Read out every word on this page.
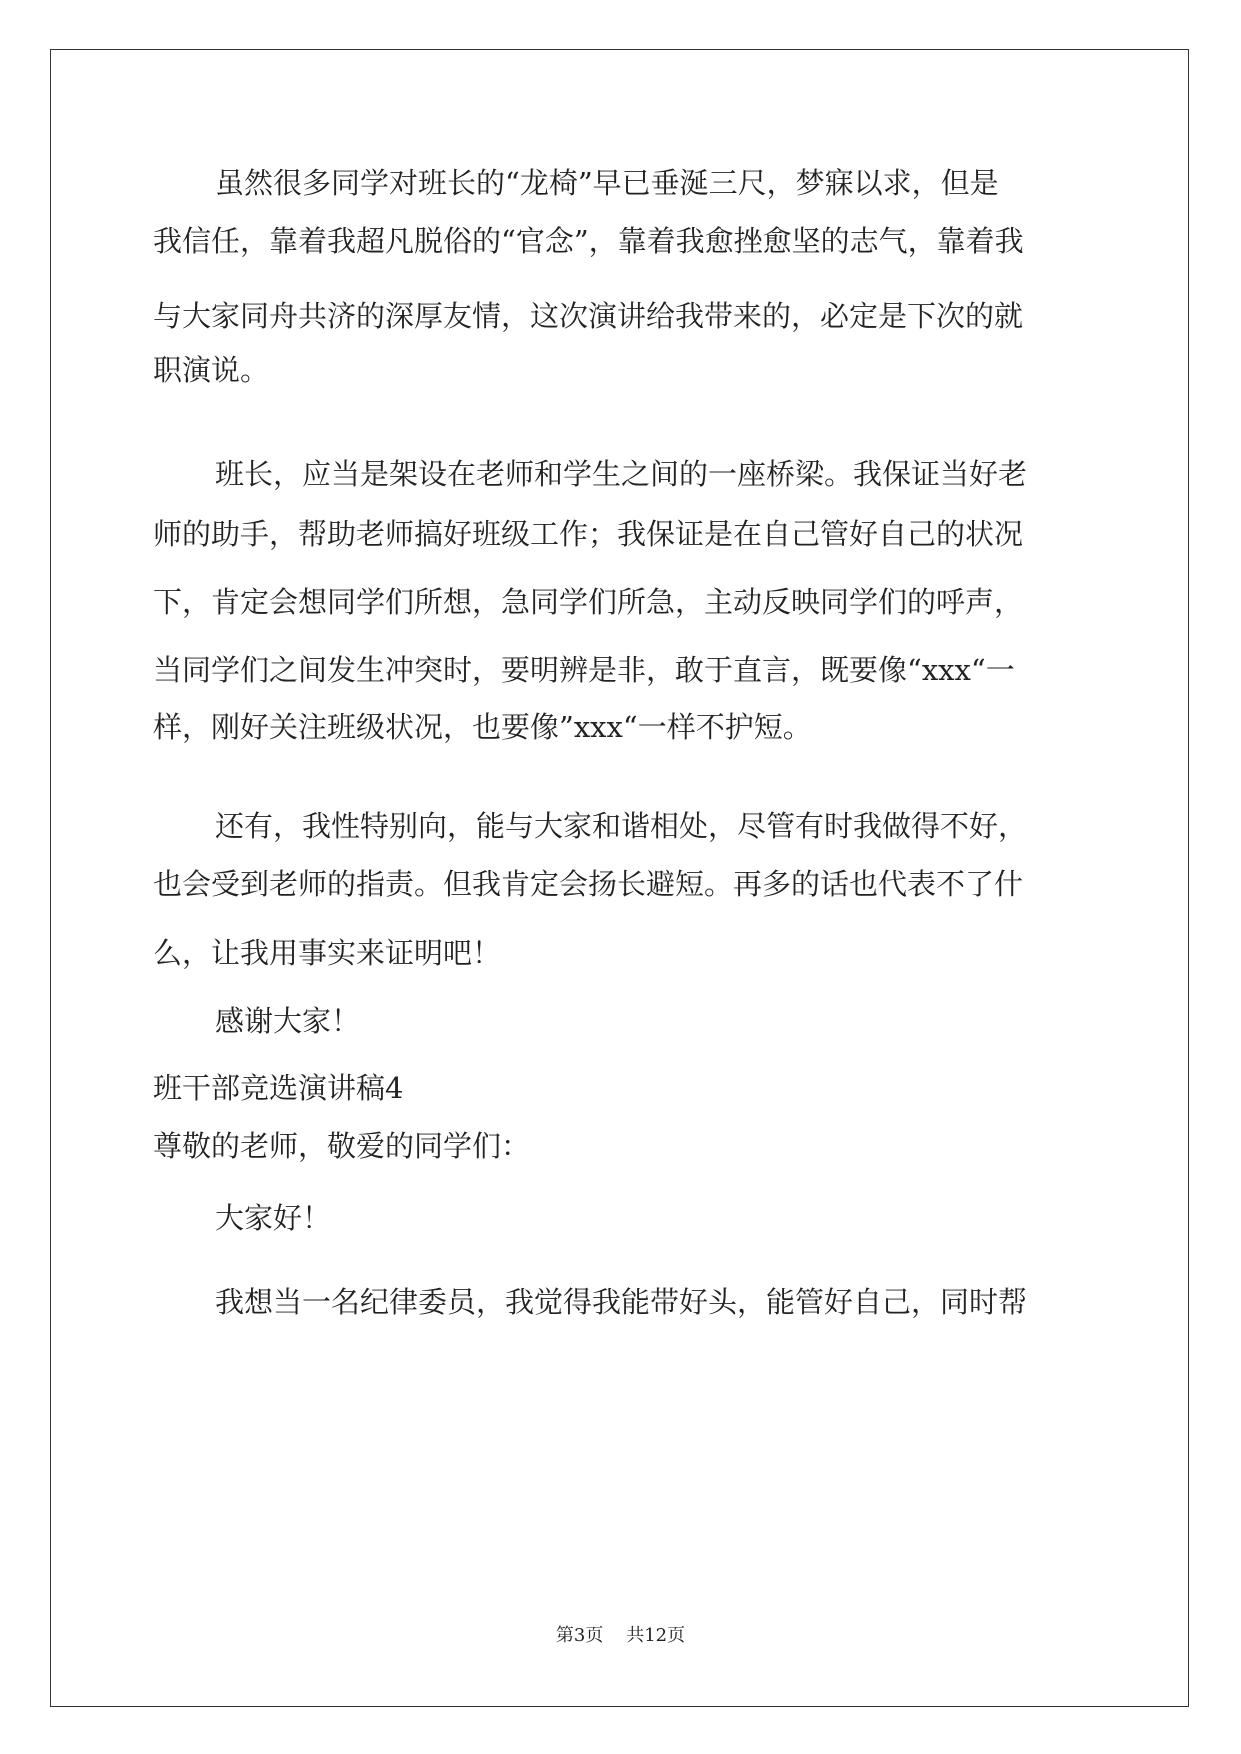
虽然很多同学对班长的“龙椅”早已垂涎三尺，梦寐以求，但是
我信任，靠着我超凡脱俗的“官念”，靠着我愈挫愈坚的志气，靠着我
与大家同舟共济的深厚友情，这次演讲给我带来的，必定是下次的就
职演说。
班长，应当是架设在老师和学生之间的一座桥梁。我保证当好老
师的助手，帮助老师搞好班级工作；我保证是在自己管好自己的状况
下，肯定会想同学们所想，急同学们所急，主动反映同学们的呼声，
当同学们之间发生冲突时，要明辨是非，敢于直言，既要像“xxx“一
样，刚好关注班级状况，也要像”xxx“一样不护短。
还有，我性特别向，能与大家和谐相处，尽管有时我做得不好，
也会受到老师的指责。但我肯定会扬长避短。再多的话也代表不了什
么，让我用事实来证明吧！
感谢大家！
班干部竞选演讲稿4
尊敬的老师，敬爱的同学们：
大家好！
我想当一名纪律委员，我觉得我能带好头，能管好自己，同时帮
第3页    共12页
